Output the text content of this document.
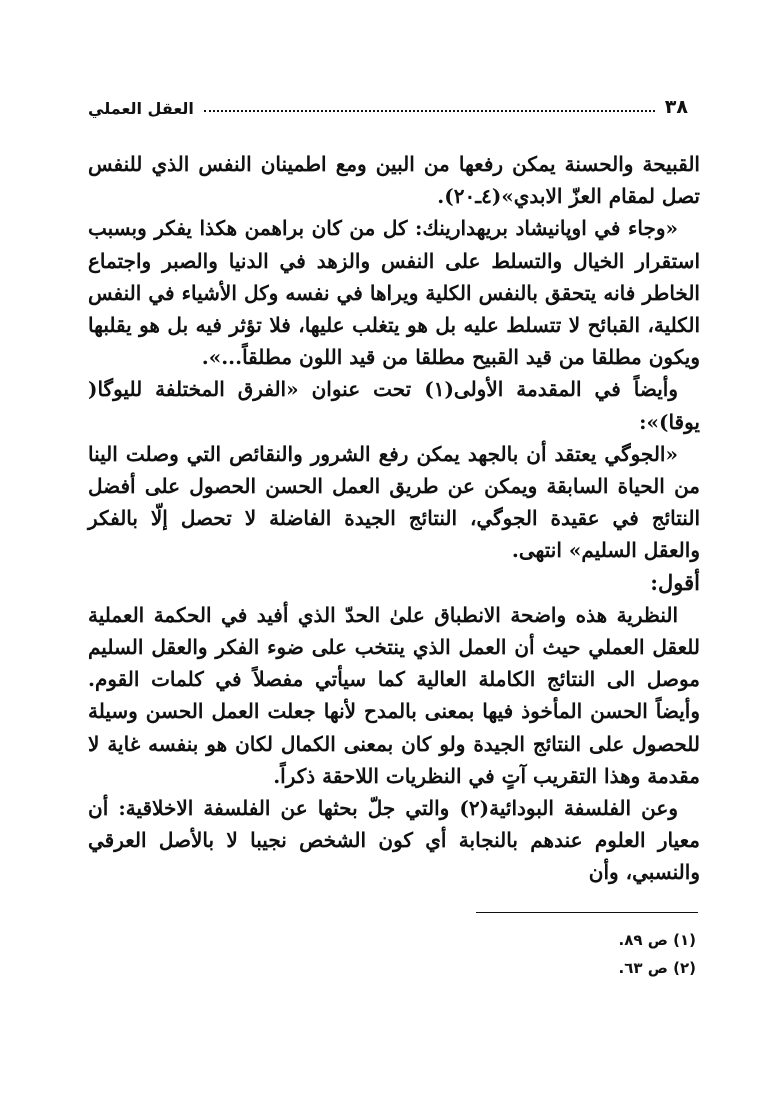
٣٨
العقل العملي

القبيحة والحسنة يمكن رفعها من البين ومع اطمينان النفس الذي للنفس تصل لمقام العزّ الابدي»(٤ـ٢٠).

«وجاء في اوپانيشاد بريهدارينك: كل من كان براهمن هكذا يفكر وبسبب استقرار الخيال والتسلط على النفس والزهد في الدنيا والصبر واجتماع الخاطر فانه يتحقق بالنفس الكلية ويراها في نفسه وكل الأشياء في النفس الكلية، القبائح لا تتسلط عليه بل هو يتغلب عليها، فلا تؤثر فيه بل هو يقلبها ويكون مطلقا من قيد القبيح مطلقا من قيد اللون مطلقاً...».

وأيضاً في المقدمة الأولى(١) تحت عنوان «الفرق المختلفة لليوگا( يوقا)»:

«الجوگي يعتقد أن بالجهد يمكن رفع الشرور والنقائص التي وصلت الينا من الحياة السابقة ويمكن عن طريق العمل الحسن الحصول على أفضل النتائج في عقيدة الجوگي، النتائج الجيدة الفاضلة لا تحصل إلّا بالفكر والعقل السليم» انتهى.

أقول:

النظرية هذه واضحة الانطباق علىٰ الحدّ الذي أفيد في الحكمة العملية للعقل العملي حيث أن العمل الذي ينتخب على ضوء الفكر والعقل السليم موصل الى النتائج الكاملة العالية كما سيأتي مفصلاً في كلمات القوم. وأيضاً الحسن المأخوذ فيها بمعنى بالمدح لأنها جعلت العمل الحسن وسيلة للحصول على النتائج الجيدة ولو كان بمعنى الكمال لكان هو بنفسه غاية لا مقدمة وهذا التقريب آتٍ في النظريات اللاحقة ذكراً.

وعن الفلسفة البودائية(٢) والتي جلّ بحثها عن الفلسفة الاخلاقية: أن معيار العلوم عندهم بالنجابة أي كون الشخص نجيبا لا بالأصل العرقي والنسبي، وأن

(١) ص ٨٩.

(٢) ص ٦٣.
